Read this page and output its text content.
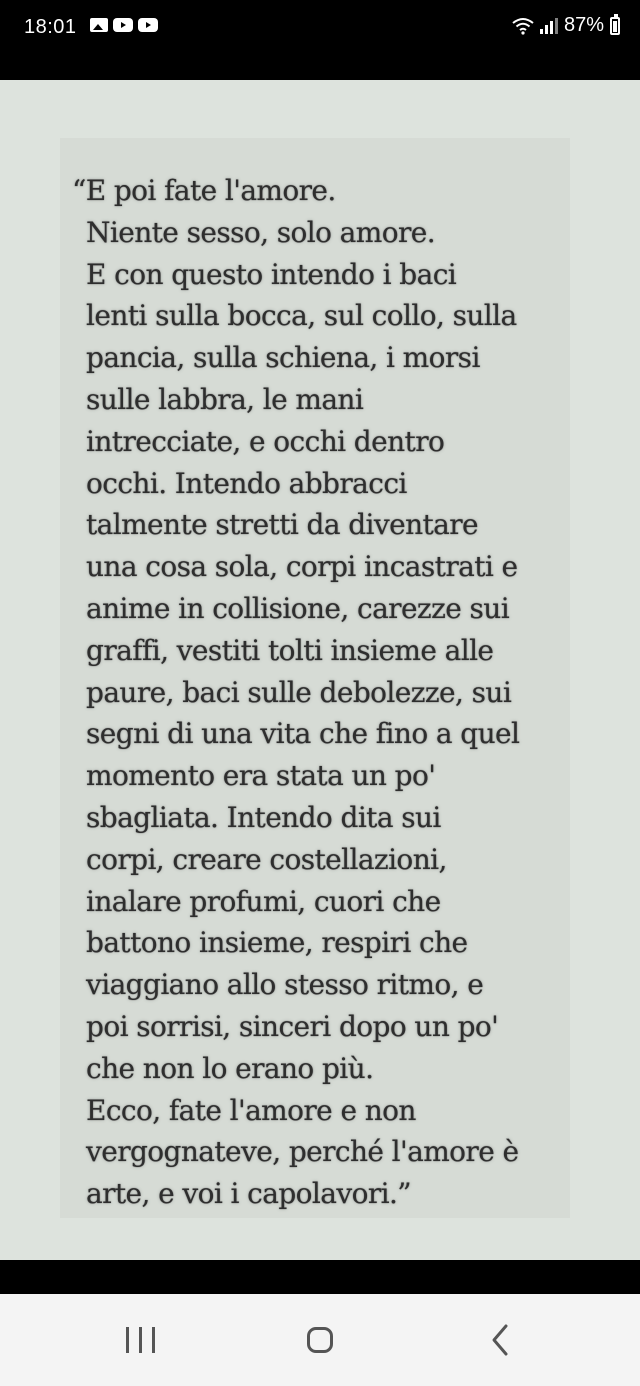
18:01	87%
“E poi fate l'amore.
Niente sesso, solo amore.
E con questo intendo i baci
lenti sulla bocca, sul collo, sulla
pancia, sulla schiena, i morsi
sulle labbra, le mani
intrecciate, e occhi dentro
occhi. Intendo abbracci
talmente stretti da diventare
una cosa sola, corpi incastrati e
anime in collisione, carezze sui
graffi, vestiti tolti insieme alle
paure, baci sulle debolezze, sui
segni di una vita che fino a quel
momento era stata un po'
sbagliata. Intendo dita sui
corpi, creare costellazioni,
inalare profumi, cuori che
battono insieme, respiri che
viaggiano allo stesso ritmo, e
poi sorrisi, sinceri dopo un po'
che non lo erano più.
Ecco, fate l'amore e non
vergognateve, perché l'amore è
arte, e voi i capolavori.”
